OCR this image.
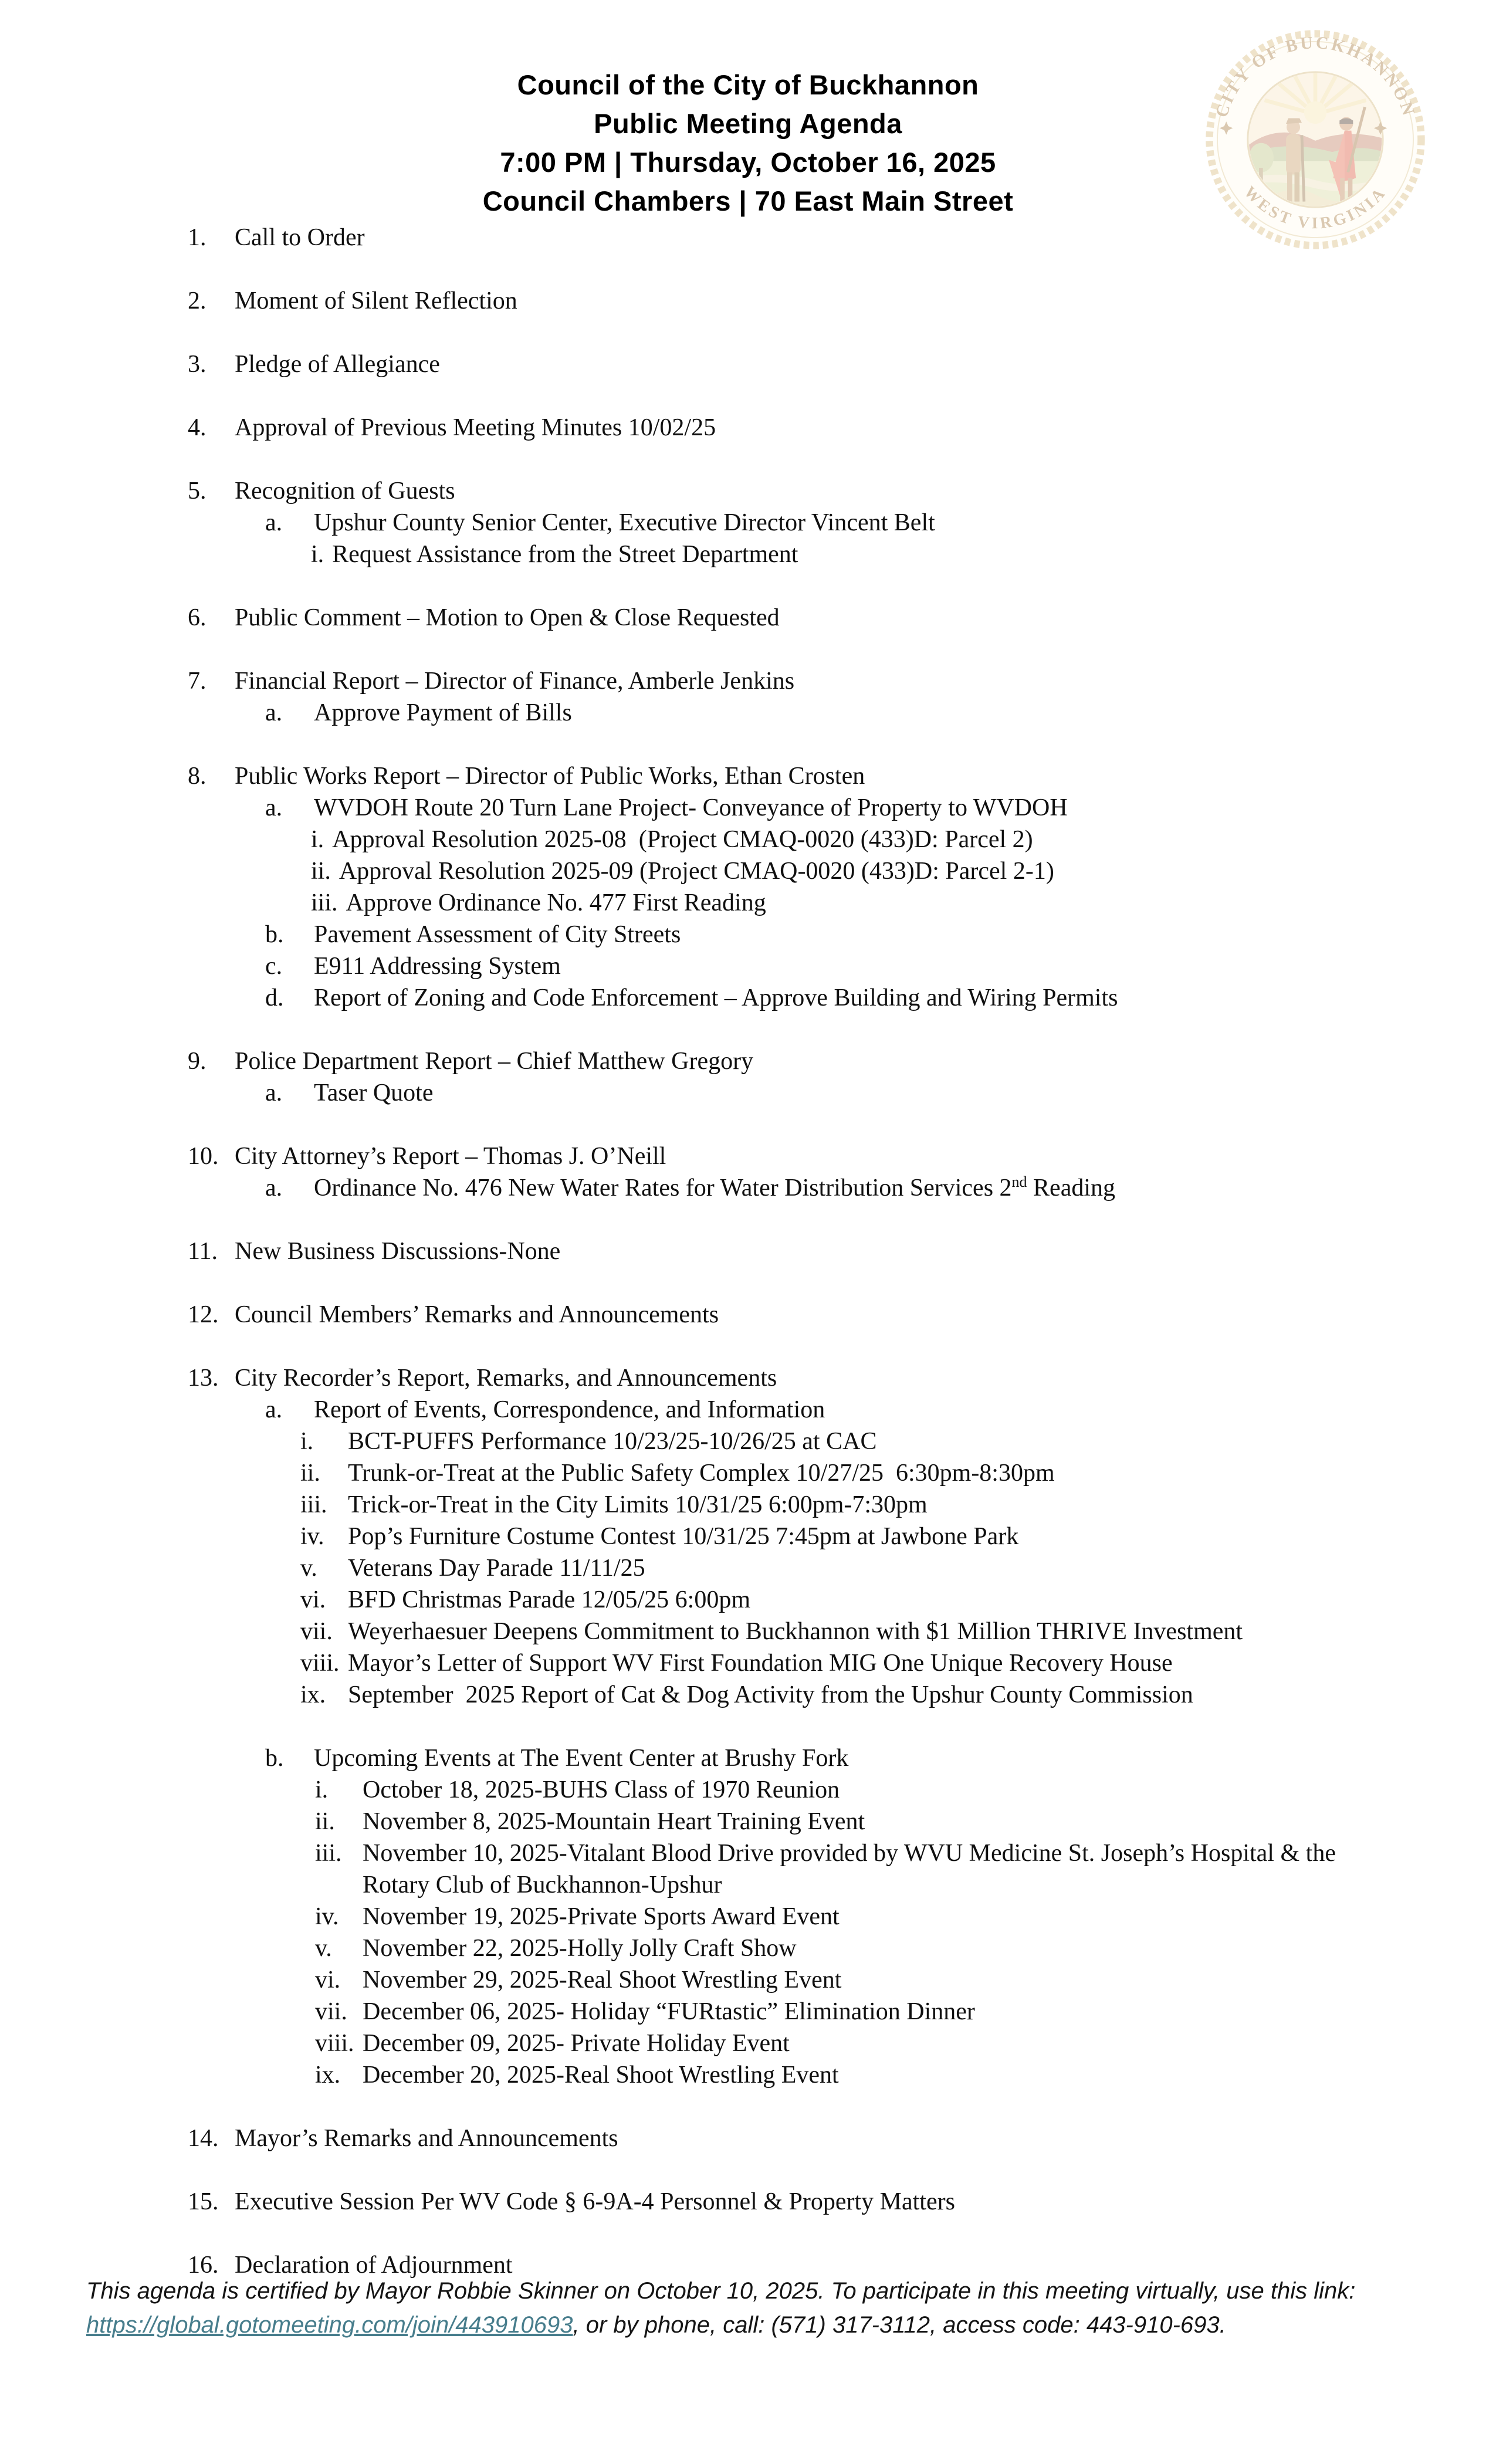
Council of the City of Buckhannon
Public Meeting Agenda
7:00 PM | Thursday, October 16, 2025
Council Chambers | 70 East Main Street
CITY OF BUCKHANNON
WEST VIRGINIA
1.	Call to Order
2.	Moment of Silent Reflection
3.	Pledge of Allegiance
4.	Approval of Previous Meeting Minutes 10/02/25
5.	Recognition of Guests
a.	Upshur County Senior Center, Executive Director Vincent Belt
i. Request Assistance from the Street Department
6.	Public Comment – Motion to Open & Close Requested
7.	Financial Report – Director of Finance, Amberle Jenkins
a.	Approve Payment of Bills
8.	Public Works Report – Director of Public Works, Ethan Crosten
a.	WVDOH Route 20 Turn Lane Project- Conveyance of Property to WVDOH
i. Approval Resolution 2025-08  (Project CMAQ-0020 (433)D: Parcel 2)
ii. Approval Resolution 2025-09 (Project CMAQ-0020 (433)D: Parcel 2-1)
iii. Approve Ordinance No. 477 First Reading
b.	Pavement Assessment of City Streets
c.	E911 Addressing System
d.	Report of Zoning and Code Enforcement – Approve Building and Wiring Permits
9.	Police Department Report – Chief Matthew Gregory
a.	Taser Quote
10. City Attorney’s Report – Thomas J. O’Neill
a.	Ordinance No. 476 New Water Rates for Water Distribution Services 2nd Reading
11. New Business Discussions-None
12. Council Members’ Remarks and Announcements
13. City Recorder’s Report, Remarks, and Announcements
a.	Report of Events, Correspondence, and Information
i.	BCT-PUFFS Performance 10/23/25-10/26/25 at CAC
ii.	Trunk-or-Treat at the Public Safety Complex 10/27/25  6:30pm-8:30pm
iii. Trick-or-Treat in the City Limits 10/31/25 6:00pm-7:30pm
iv. Pop’s Furniture Costume Contest 10/31/25 7:45pm at Jawbone Park
v.	Veterans Day Parade 11/11/25
vi. BFD Christmas Parade 12/05/25 6:00pm
vii. Weyerhaesuer Deepens Commitment to Buckhannon with $1 Million THRIVE Investment
viii. Mayor’s Letter of Support WV First Foundation MIG One Unique Recovery House
ix. September  2025 Report of Cat & Dog Activity from the Upshur County Commission
b.	Upcoming Events at The Event Center at Brushy Fork
i.	October 18, 2025-BUHS Class of 1970 Reunion
ii.	November 8, 2025-Mountain Heart Training Event
iii. November 10, 2025-Vitalant Blood Drive provided by WVU Medicine St. Joseph’s Hospital & the Rotary Club of Buckhannon-Upshur
iv. November 19, 2025-Private Sports Award Event
v.	November 22, 2025-Holly Jolly Craft Show
vi. November 29, 2025-Real Shoot Wrestling Event
vii. December 06, 2025- Holiday “FURtastic” Elimination Dinner
viii. December 09, 2025- Private Holiday Event
ix. December 20, 2025-Real Shoot Wrestling Event
14. Mayor’s Remarks and Announcements
15. Executive Session Per WV Code § 6-9A-4 Personnel & Property Matters
16. Declaration of Adjournment
This agenda is certified by Mayor Robbie Skinner on October 10, 2025. To participate in this meeting virtually, use this link:
https://global.gotomeeting.com/join/443910693, or by phone, call: (571) 317-3112, access code: 443-910-693.
